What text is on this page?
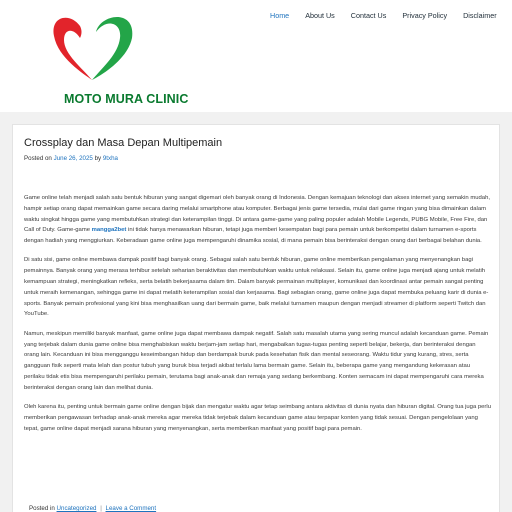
MOTO MURA CLINIC
Home	About Us	Contact Us	Privacy Policy	Disclaimer
Crossplay dan Masa Depan Multipemain
Posted on June 26, 2025 by 9txha

Game online telah menjadi salah satu bentuk hiburan yang sangat digemari oleh banyak orang di Indonesia. Dengan kemajuan teknologi dan akses internet yang semakin mudah, hampir setiap orang dapat memainkan game secara daring melalui smartphone atau komputer. Berbagai jenis game tersedia, mulai dari game ringan yang bisa dimainkan dalam waktu singkat hingga game yang membutuhkan strategi dan keterampilan tinggi. Di antara game-game yang paling populer adalah Mobile Legends, PUBG Mobile, Free Fire, dan Call of Duty. Game-game mangga2bet ini tidak hanya menawarkan hiburan, tetapi juga memberi kesempatan bagi para pemain untuk berkompetisi dalam turnamen e-sports dengan hadiah yang menggiurkan. Keberadaan game online juga mempengaruhi dinamika sosial, di mana pemain bisa berinteraksi dengan orang dari berbagai belahan dunia.

Di satu sisi, game online membawa dampak positif bagi banyak orang. Sebagai salah satu bentuk hiburan, game online memberikan pengalaman yang menyenangkan bagi pemainnya. Banyak orang yang merasa terhibur setelah seharian beraktivitas dan membutuhkan waktu untuk relaksasi. Selain itu, game online juga menjadi ajang untuk melatih kemampuan strategi, meningkatkan refleks, serta belatih bekerjasama dalam tim. Dalam banyak permainan multiplayer, komunikasi dan koordinasi antar pemain sangat penting untuk meraih kemenangan, sehingga game ini dapat melatih keterampilan sosial dan kerjasama. Bagi sebagian orang, game online juga dapat membuka peluang karir di dunia e-sports. Banyak pemain profesional yang kini bisa menghasilkan uang dari bermain game, baik melalui turnamen maupun dengan menjadi streamer di platform seperti Twitch dan YouTube.

Namun, meskipun memiliki banyak manfaat, game online juga dapat membawa dampak negatif. Salah satu masalah utama yang sering muncul adalah kecanduan game. Pemain yang terjebak dalam dunia game online bisa menghabiskan waktu berjam-jam setiap hari, mengabaikan tugas-tugas penting seperti belajar, bekerja, dan berinteraksi dengan orang lain. Kecanduan ini bisa mengganggu keseimbangan hidup dan berdampak buruk pada kesehatan fisik dan mental seseorang. Waktu tidur yang kurang, stres, serta gangguan fisik seperti mata lelah dan postur tubuh yang buruk bisa terjadi akibat terlalu lama bermain game. Selain itu, beberapa game yang mengandung kekerasan atau perilaku tidak etis bisa mempengaruhi perilaku pemain, terutama bagi anak-anak dan remaja yang sedang berkembang. Konten semacam ini dapat mempengaruhi cara mereka berinteraksi dengan orang lain dan melihat dunia.

Oleh karena itu, penting untuk bermain game online dengan bijak dan mengatur waktu agar tetap seimbang antara aktivitas di dunia nyata dan hiburan digital. Orang tua juga perlu memberikan pengawasan terhadap anak-anak mereka agar mereka tidak terjebak dalam kecanduan game atau terpapar konten yang tidak sesuai. Dengan pengelolaan yang tepat, game online dapat menjadi sarana hiburan yang menyenangkan, serta memberikan manfaat yang positif bagi para pemain.

Posted in Uncategorized | Leave a Comment
